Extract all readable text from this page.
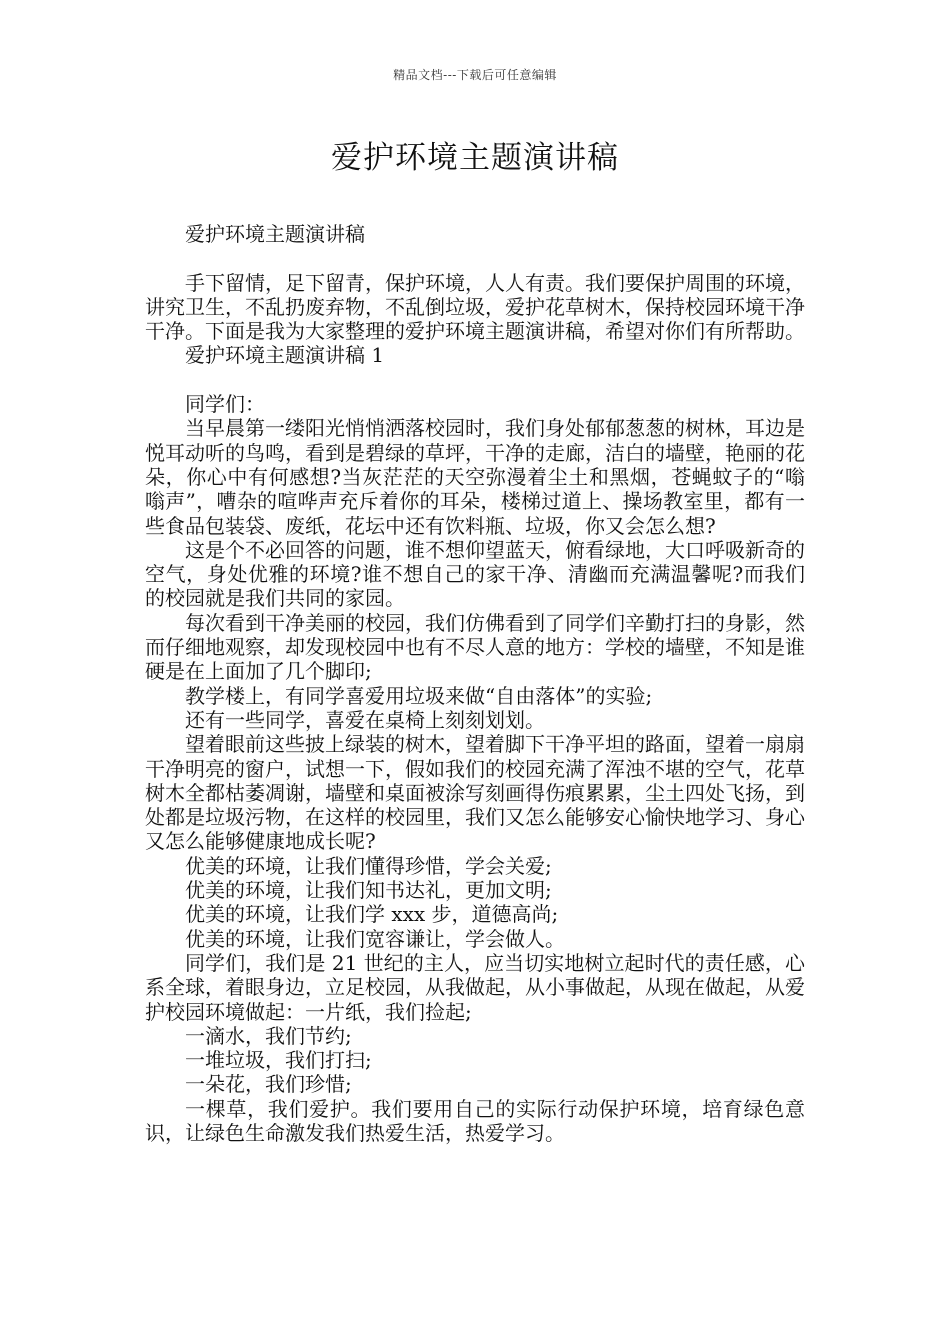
精品文档---下载后可任意编辑
爱护环境主题演讲稿

爱护环境主题演讲稿

手下留情，足下留青，保护环境，人人有责。我们要保护周围的环境，讲究卫生，不乱扔废弃物，不乱倒垃圾，爱护花草树木，保持校园环境干净干净。下面是我为大家整理的爱护环境主题演讲稿，希望对你们有所帮助。

爱护环境主题演讲稿 1

同学们：

当早晨第一缕阳光悄悄洒落校园时，我们身处郁郁葱葱的树林，耳边是悦耳动听的鸟鸣，看到是碧绿的草坪，干净的走廊，洁白的墙壁，艳丽的花朵，你心中有何感想?当灰茫茫的天空弥漫着尘土和黑烟，苍蝇蚊子的“嗡嗡声”，嘈杂的喧哗声充斥着你的耳朵，楼梯过道上、操场教室里，都有一些食品包装袋、废纸，花坛中还有饮料瓶、垃圾，你又会怎么想?

这是个不必回答的问题，谁不想仰望蓝天，俯看绿地，大口呼吸新奇的空气，身处优雅的环境?谁不想自己的家干净、清幽而充满温馨呢?而我们的校园就是我们共同的家园。

每次看到干净美丽的校园，我们仿佛看到了同学们辛勤打扫的身影，然而仔细地观察，却发现校园中也有不尽人意的地方：学校的墙壁，不知是谁硬是在上面加了几个脚印;

教学楼上，有同学喜爱用垃圾来做“自由落体”的实验;

还有一些同学，喜爱在桌椅上刻刻划划。

望着眼前这些披上绿装的树木，望着脚下干净平坦的路面，望着一扇扇干净明亮的窗户，试想一下，假如我们的校园充满了浑浊不堪的空气，花草树木全都枯萎凋谢，墙壁和桌面被涂写刻画得伤痕累累，尘土四处飞扬，到处都是垃圾污物，在这样的校园里，我们又怎么能够安心愉快地学习、身心又怎么能够健康地成长呢?

优美的环境，让我们懂得珍惜，学会关爱;

优美的环境，让我们知书达礼，更加文明;

优美的环境，让我们学 xxx 步，道德高尚;

优美的环境，让我们宽容谦让，学会做人。

同学们，我们是 21 世纪的主人，应当切实地树立起时代的责任感，心系全球，着眼身边，立足校园，从我做起，从小事做起，从现在做起，从爱护校园环境做起：一片纸，我们捡起;

一滴水，我们节约;

一堆垃圾，我们打扫;

一朵花，我们珍惜;

一棵草，我们爱护。我们要用自己的实际行动保护环境，培育绿色意识，让绿色生命激发我们热爱生活，热爱学习。
